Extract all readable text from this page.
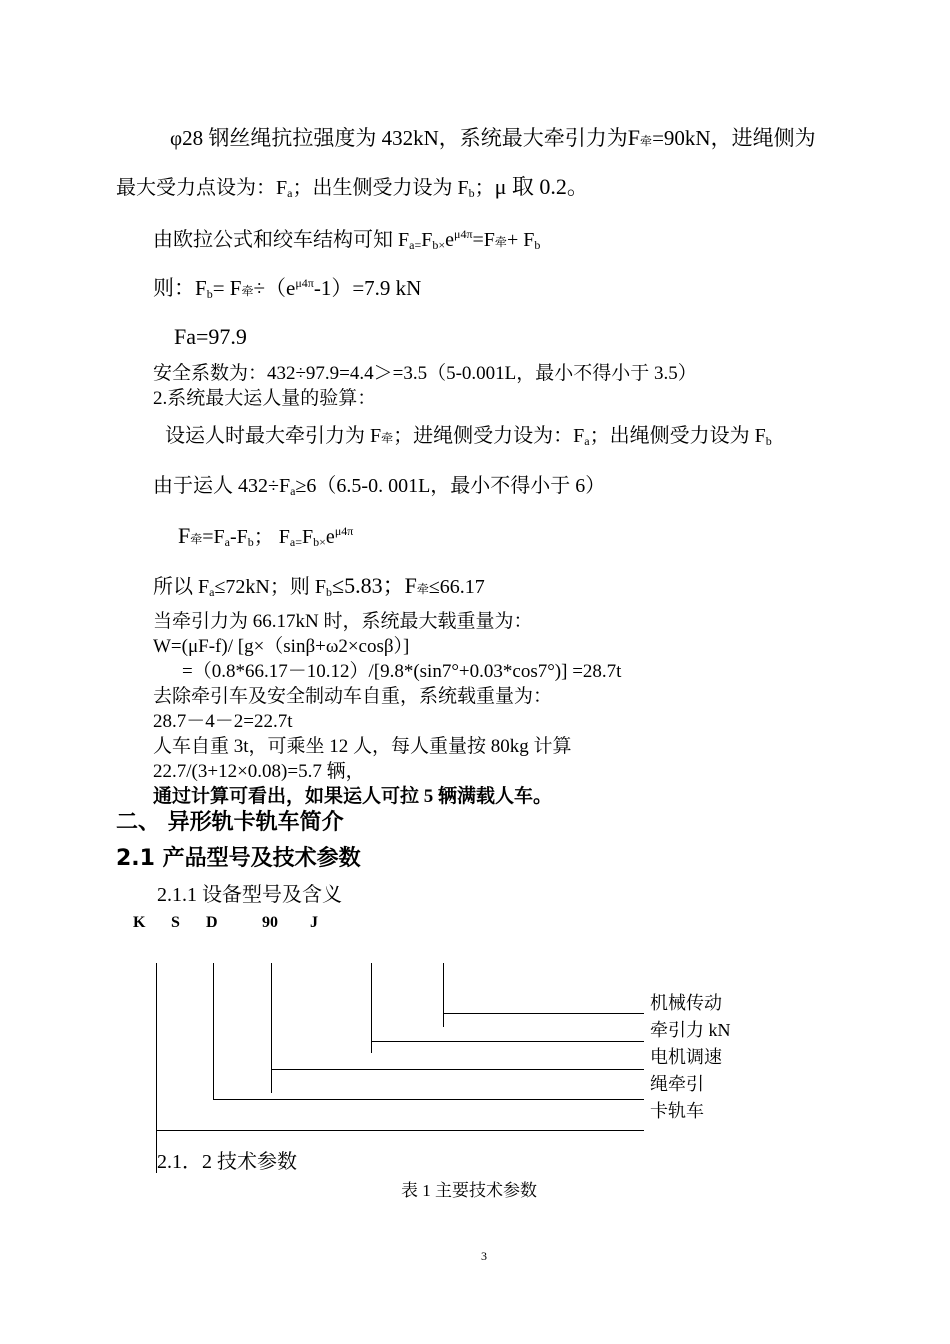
φ28 钢丝绳抗拉强度为 432kN，系统最大牵引力为F牵=90kN，进绳侧为
最大受力点设为：$F_a$；出生侧受力设为 $F_b$；μ 取 0.2。
由欧拉公式和绞车结构可知 $F_{a=}F_{b\times}e^{\mu 4\pi}=F$牵+ $F_b$
则：$F_b= F$牵$\div(e^{\mu 4\pi}-1)=7.9$ kN
Fa=97.9
安全系数为：432÷97.9=4.4＞=3.5（5-0.001L，最小不得小于 3.5）
2.系统最大运人量的验算：
设运人时最大牵引力为 F牵；进绳侧受力设为：$F_a$；出绳侧受力设为 $F_b$
由于运人 $432\div F_a\ge 6(6.5-0$. 001L，最小不得小于 6）
F牵$=F_a-F_b$； $F_{a=}F_{b\times}e^{\mu 4\pi}$
所以 $F_a\le 72kN$；则 $F_b\le 5.83$；F牵≤66.17
当牵引力为 66.17kN 时，系统最大载重量为：
W=(μF-f)/ [g×（sinβ+ω2×cosβ）]
=（0.8*66.17－10.12）/[9.8*(sin7°+0.03*cos7°)] =28.7t
去除牵引车及安全制动车自重，系统载重量为：
28.7－4－2=22.7t
人车自重 3t，可乘坐 12 人，每人重量按 80kg 计算
22.7/(3+12×0.08)=5.7 辆，
通过计算可看出，如果运人可拉 5 辆满载人车。
二、 异形轨卡轨车简介
2.1 产品型号及技术参数
2.1.1 设备型号及含义
K S D	90 J
机械传动
牵引力 kN
电机调速
绳牵引
卡轨车
2.1．2 技术参数
表 1 主要技术参数
3
